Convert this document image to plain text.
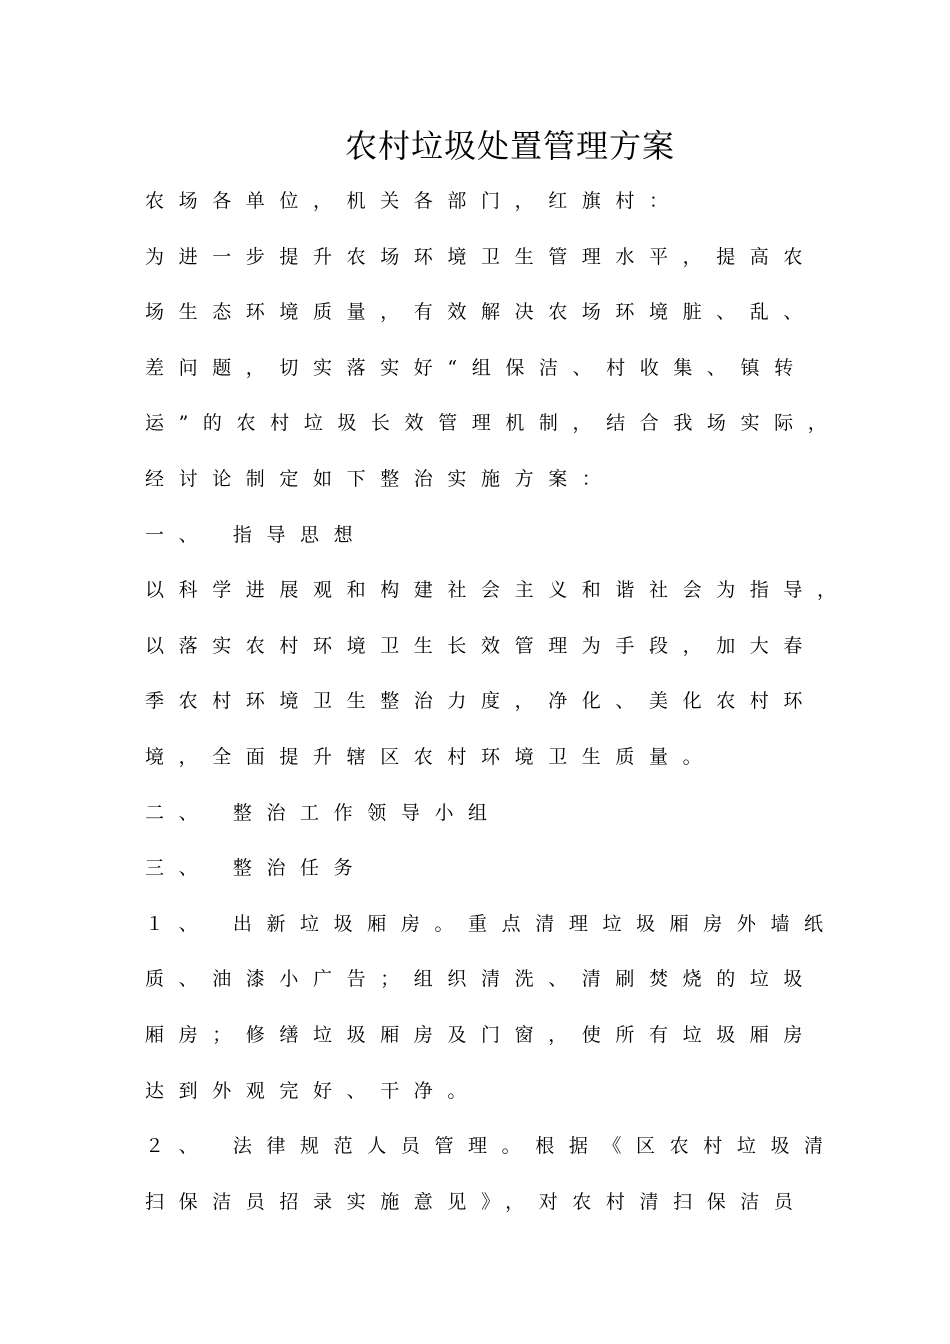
农村垃圾处置管理方案
农场各单位，机关各部门，红旗村：
为进一步提升农场环境卫生管理水平，提高农
场生态环境质量，有效解决农场环境脏、乱、
差问题，切实落实好“组保洁、村收集、镇转
运”的农村垃圾长效管理机制，结合我场实际，
经讨论制定如下整治实施方案：
一、 指导思想
以科学进展观和构建社会主义和谐社会为指导，
以落实农村环境卫生长效管理为手段，加大春
季农村环境卫生整治力度，净化、美化农村环
境，全面提升辖区农村环境卫生质量。
二、 整治工作领导小组
三、 整治任务
１、 出新垃圾厢房。重点清理垃圾厢房外墙纸
质、油漆小广告；组织清洗、清刷焚烧的垃圾
厢房；修缮垃圾厢房及门窗，使所有垃圾厢房
达到外观完好、干净。
２、 法律规范人员管理。根据《区农村垃圾清
扫保洁员招录实施意见》，对农村清扫保洁员
